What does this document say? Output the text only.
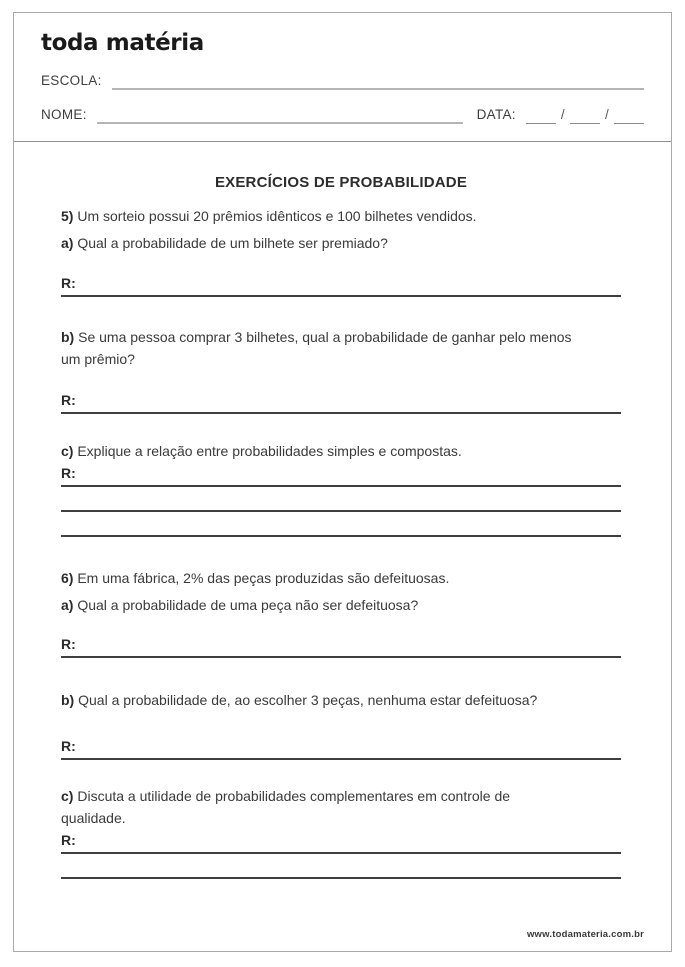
toda matéria
ESCOLA:
NOME:	DATA:	/	/
EXERCÍCIOS DE PROBABILIDADE
5) Um sorteio possui 20 prêmios idênticos e 100 bilhetes vendidos.
a) Qual a probabilidade de um bilhete ser premiado?
R:
b) Se uma pessoa comprar 3 bilhetes, qual a probabilidade de ganhar pelo menos um prêmio?
R:
c) Explique a relação entre probabilidades simples e compostas.
R:
6) Em uma fábrica, 2% das peças produzidas são defeituosas.
a) Qual a probabilidade de uma peça não ser defeituosa?
R:
b) Qual a probabilidade de, ao escolher 3 peças, nenhuma estar defeituosa?
R:
c) Discuta a utilidade de probabilidades complementares em controle de qualidade.
R:
www.todamateria.com.br
